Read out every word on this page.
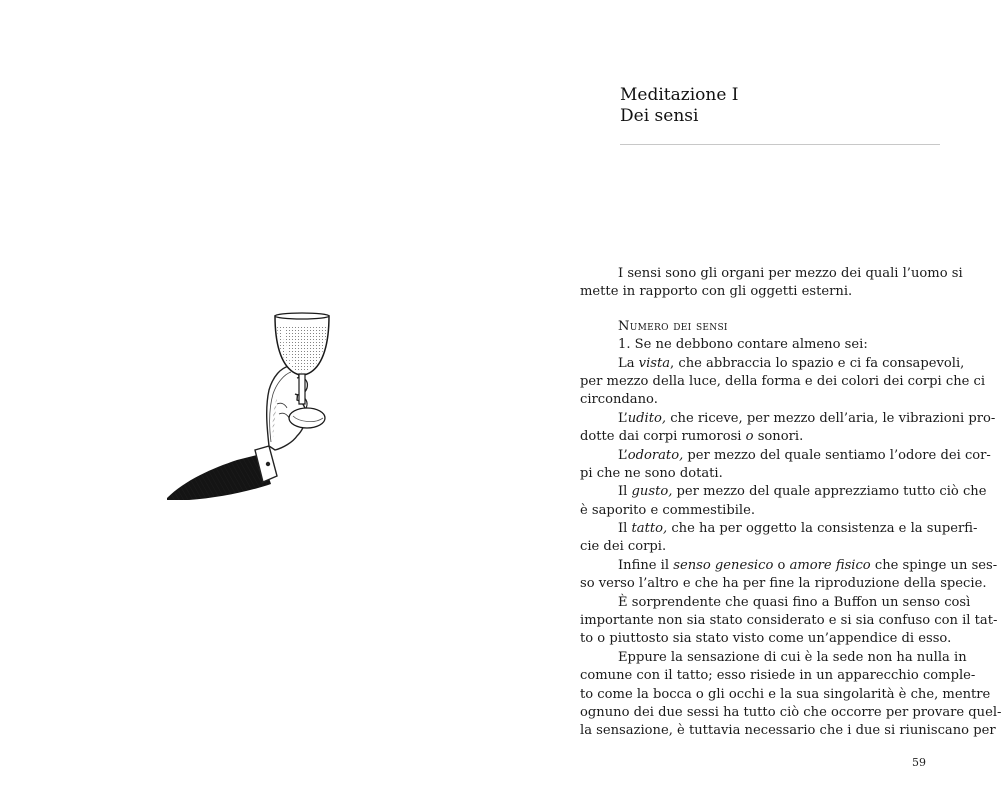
Meditazione I
Dei sensi
I sensi sono gli organi per mezzo dei quali l’uomo si
mette in rapporto con gli oggetti esterni.
Numero dei sensi
1. Se ne debbono contare almeno sei:
La vista, che abbraccia lo spazio e ci fa consapevoli,
per mezzo della luce, della forma e dei colori dei corpi che ci
circondano.
L’udito, che riceve, per mezzo dell’aria, le vibrazioni pro-
dotte dai corpi rumorosi o sonori.
L’odorato, per mezzo del quale sentiamo l’odore dei cor-
pi che ne sono dotati.
Il gusto, per mezzo del quale apprezziamo tutto ciò che
è saporito e commestibile.
Il tatto, che ha per oggetto la consistenza e la superfi-
cie dei corpi.
Infine il senso genesico o amore fisico che spinge un ses-
so verso l’altro e che ha per fine la riproduzione della specie.
È sorprendente che quasi fino a Buffon un senso così
importante non sia stato considerato e si sia confuso con il tat-
to o piuttosto sia stato visto come un’appendice di esso.
Eppure la sensazione di cui è la sede non ha nulla in
comune con il tatto; esso risiede in un apparecchio comple-
to come la bocca o gli occhi e la sua singolarità è che, mentre
ognuno dei due sessi ha tutto ciò che occorre per provare quel-
la sensazione, è tuttavia necessario che i due si riuniscano per
59
